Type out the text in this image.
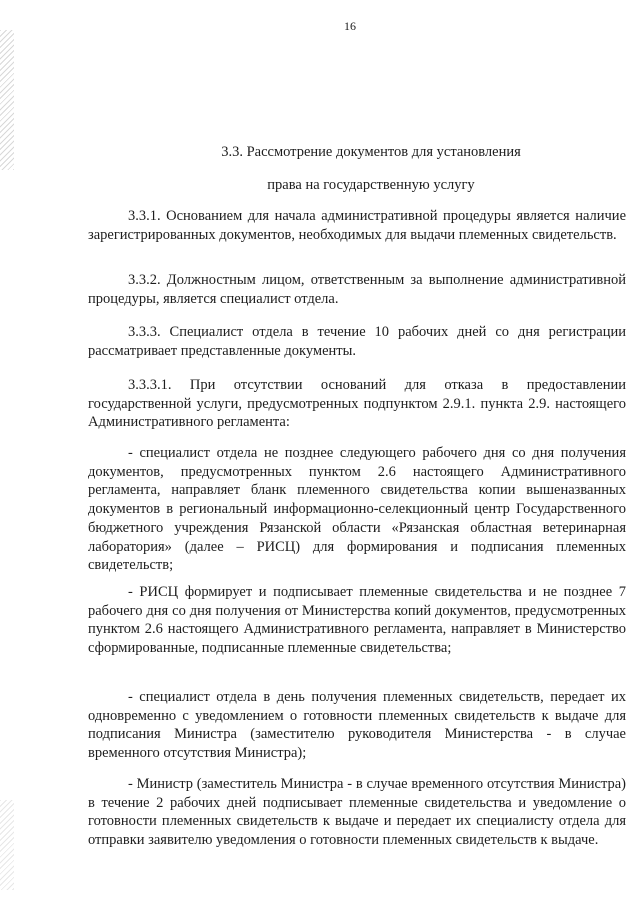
16
3.3. Рассмотрение документов для установления
права на государственную услугу
3.3.1. Основанием для начала административной процедуры является наличие зарегистрированных документов, необходимых для выдачи племенных свидетельств.
3.3.2. Должностным лицом, ответственным за выполнение административной процедуры, является специалист отдела.
3.3.3. Специалист отдела в течение 10 рабочих дней со дня регистрации рассматривает представленные документы.
3.3.3.1. При отсутствии оснований для отказа в предоставлении государственной услуги, предусмотренных подпунктом 2.9.1. пункта 2.9. настоящего Административного регламента:
- специалист отдела не позднее следующего рабочего дня со дня получения документов, предусмотренных пунктом 2.6 настоящего Административного регламента, направляет бланк племенного свидетельства копии вышеназванных документов в региональный информационно-селекционный центр Государственного бюджетного учреждения Рязанской области «Рязанская областная ветеринарная лаборатория» (далее – РИСЦ) для формирования и подписания племенных свидетельств;
- РИСЦ формирует и подписывает племенные свидетельства и не позднее 7 рабочего дня со дня получения от Министерства копий документов, предусмотренных пунктом 2.6 настоящего Административного регламента, направляет в Министерство сформированные, подписанные племенные свидетельства;
- специалист отдела в день получения племенных свидетельств, передает их одновременно с уведомлением о готовности племенных свидетельств к выдаче для подписания Министра (заместителю руководителя Министерства - в случае временного отсутствия Министра);
- Министр (заместитель Министра - в случае временного отсутствия Министра) в течение 2 рабочих дней подписывает племенные свидетельства и уведомление о готовности племенных свидетельств к выдаче и передает их специалисту отдела для отправки заявителю уведомления о готовности племенных свидетельств к выдаче.
